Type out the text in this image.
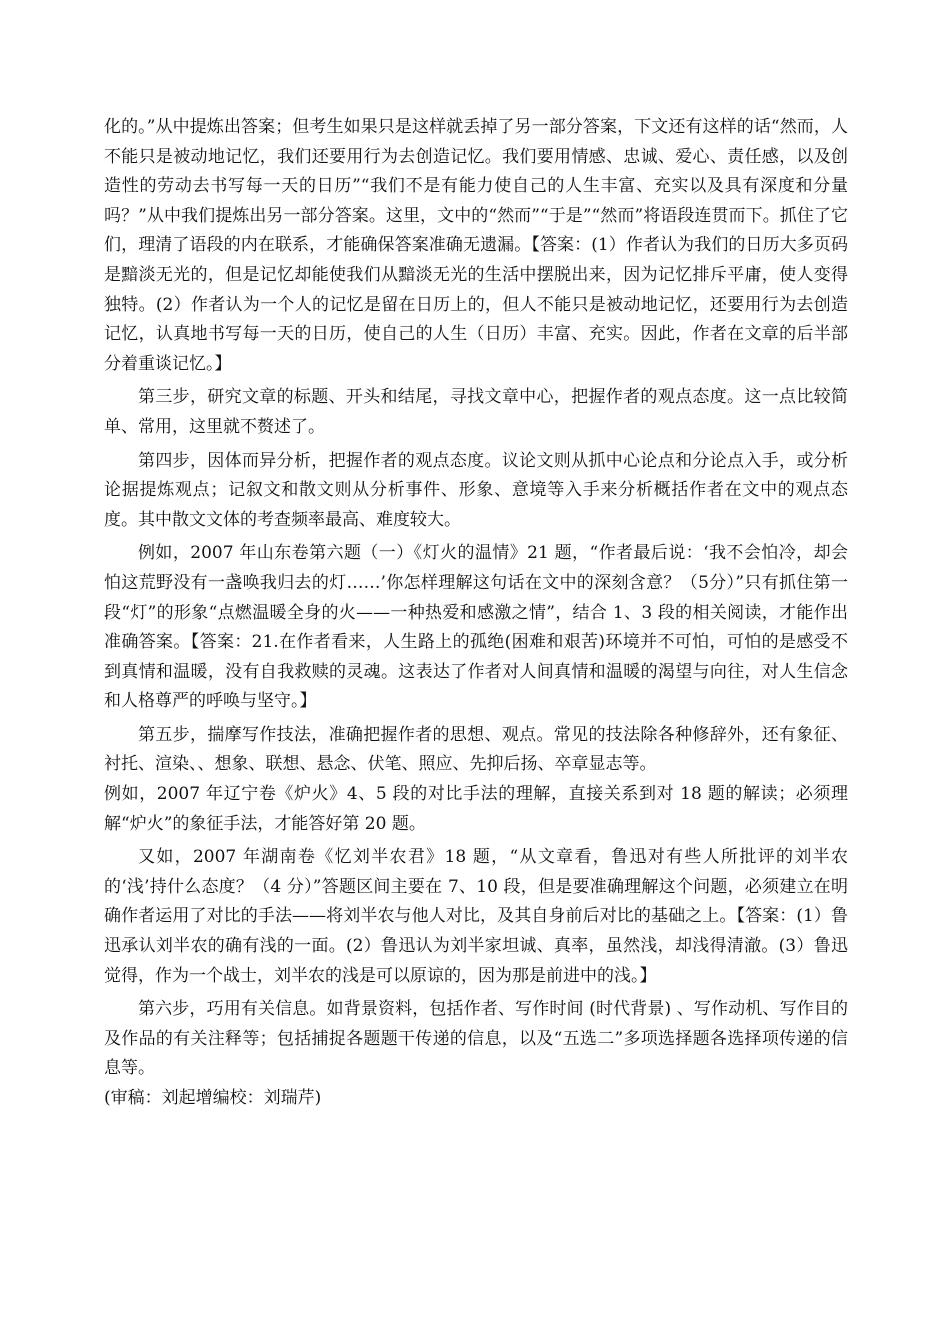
化的。”从中提炼出答案；但考生如果只是这样就丢掉了另一部分答案，下文还有这样的话“然而，人不能只是被动地记忆，我们还要用行为去创造记忆。我们要用情感、忠诚、爱心、责任感，以及创造性的劳动去书写每一天的日历”“我们不是有能力使自己的人生丰富、充实以及具有深度和分量吗？”从中我们提炼出另一部分答案。这里，文中的“然而”“于是”“然而”将语段连贯而下。抓住了它们，理清了语段的内在联系，才能确保答案准确无遗漏。【答案：(1）作者认为我们的日历大多页码是黯淡无光的，但是记忆却能使我们从黯淡无光的生活中摆脱出来，因为记忆排斥平庸，使人变得独特。(2）作者认为一个人的记忆是留在日历上的，但人不能只是被动地记忆，还要用行为去创造记忆，认真地书写每一天的日历，使自己的人生（日历）丰富、充实。因此，作者在文章的后半部分着重谈记忆。】

第三步，研究文章的标题、开头和结尾，寻找文章中心，把握作者的观点态度。这一点比较简单、常用，这里就不赘述了。

第四步，因体而异分析，把握作者的观点态度。议论文则从抓中心论点和分论点入手，或分析论据提炼观点；记叙文和散文则从分析事件、形象、意境等入手来分析概括作者在文中的观点态度。其中散文文体的考查频率最高、难度较大。

例如，2007 年山东卷第六题（一）《灯火的温情》21 题，“作者最后说：‘我不会怕冷，却会怕这荒野没有一盏唤我归去的灯……’你怎样理解这句话在文中的深刻含意？（5分）”只有抓住第一段“灯”的形象“点燃温暖全身的火——一种热爱和感激之情”，结合 1、3 段的相关阅读，才能作出准确答案。【答案：21.在作者看来，人生路上的孤绝(困难和艰苦)环境并不可怕，可怕的是感受不到真情和温暖，没有自我救赎的灵魂。这表达了作者对人间真情和温暖的渴望与向往，对人生信念和人格尊严的呼唤与坚守。】

第五步，揣摩写作技法，准确把握作者的思想、观点。常见的技法除各种修辞外，还有象征、衬托、渲染、、想象、联想、悬念、伏笔、照应、先抑后扬、卒章显志等。

例如，2007 年辽宁卷《炉火》4、5 段的对比手法的理解，直接关系到对 18 题的解读；必须理解“炉火”的象征手法，才能答好第 20 题。

又如，2007 年湖南卷《忆刘半农君》18 题，“从文章看，鲁迅对有些人所批评的刘半农的‘浅’持什么态度？（4 分）”答题区间主要在 7、10 段，但是要准确理解这个问题，必须建立在明确作者运用了对比的手法——将刘半农与他人对比，及其自身前后对比的基础之上。【答案：(1）鲁迅承认刘半农的确有浅的一面。(2）鲁迅认为刘半家坦诚、真率，虽然浅，却浅得清澈。(3）鲁迅觉得，作为一个战士，刘半农的浅是可以原谅的，因为那是前进中的浅。】

第六步，巧用有关信息。如背景资料，包括作者、写作时间 (时代背景) 、写作动机、写作目的及作品的有关注释等；包括捕捉各题题干传递的信息，以及“五选二”多项选择题各选择项传递的信息等。

(审稿：刘起增编校：刘瑞芹)
